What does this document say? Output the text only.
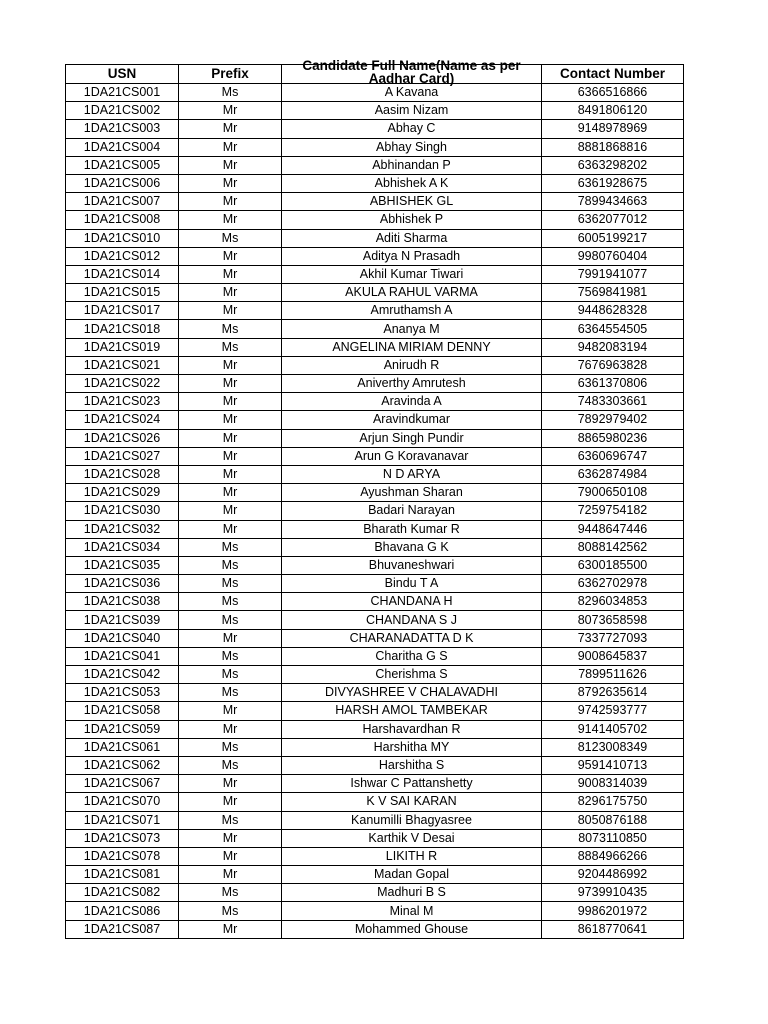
USN	Prefix	Candidate Full Name(Name as per Aadhar Card)	Contact Number
1DA21CS001	Ms	A Kavana	6366516866
1DA21CS002	Mr	Aasim Nizam	8491806120
1DA21CS003	Mr	Abhay C	9148978969
1DA21CS004	Mr	Abhay Singh	8881868816
1DA21CS005	Mr	Abhinandan P	6363298202
1DA21CS006	Mr	Abhishek A K	6361928675
1DA21CS007	Mr	ABHISHEK GL	7899434663
1DA21CS008	Mr	Abhishek P	6362077012
1DA21CS010	Ms	Aditi Sharma	6005199217
1DA21CS012	Mr	Aditya N Prasadh	9980760404
1DA21CS014	Mr	Akhil Kumar Tiwari	7991941077
1DA21CS015	Mr	AKULA RAHUL VARMA	7569841981
1DA21CS017	Mr	Amruthamsh A	9448628328
1DA21CS018	Ms	Ananya M	6364554505
1DA21CS019	Ms	ANGELINA MIRIAM DENNY	9482083194
1DA21CS021	Mr	Anirudh R	7676963828
1DA21CS022	Mr	Aniverthy Amrutesh	6361370806
1DA21CS023	Mr	Aravinda A	7483303661
1DA21CS024	Mr	Aravindkumar	7892979402
1DA21CS026	Mr	Arjun Singh Pundir	8865980236
1DA21CS027	Mr	Arun G Koravanavar	6360696747
1DA21CS028	Mr	N D ARYA	6362874984
1DA21CS029	Mr	Ayushman Sharan	7900650108
1DA21CS030	Mr	Badari Narayan	7259754182
1DA21CS032	Mr	Bharath Kumar R	9448647446
1DA21CS034	Ms	Bhavana G K	8088142562
1DA21CS035	Ms	Bhuvaneshwari	6300185500
1DA21CS036	Ms	Bindu T A	6362702978
1DA21CS038	Ms	CHANDANA H	8296034853
1DA21CS039	Ms	CHANDANA S J	8073658598
1DA21CS040	Mr	CHARANADATTA D K	7337727093
1DA21CS041	Ms	Charitha G S	9008645837
1DA21CS042	Ms	Cherishma S	7899511626
1DA21CS053	Ms	DIVYASHREE V CHALAVADHI	8792635614
1DA21CS058	Mr	HARSH AMOL TAMBEKAR	9742593777
1DA21CS059	Mr	Harshavardhan R	9141405702
1DA21CS061	Ms	Harshitha MY	8123008349
1DA21CS062	Ms	Harshitha S	9591410713
1DA21CS067	Mr	Ishwar C Pattanshetty	9008314039
1DA21CS070	Mr	K V SAI KARAN	8296175750
1DA21CS071	Ms	Kanumilli Bhagyasree	8050876188
1DA21CS073	Mr	Karthik V Desai	8073110850
1DA21CS078	Mr	LIKITH R	8884966266
1DA21CS081	Mr	Madan Gopal	9204486992
1DA21CS082	Ms	Madhuri B S	9739910435
1DA21CS086	Ms	Minal M	9986201972
1DA21CS087	Mr	Mohammed Ghouse	8618770641
